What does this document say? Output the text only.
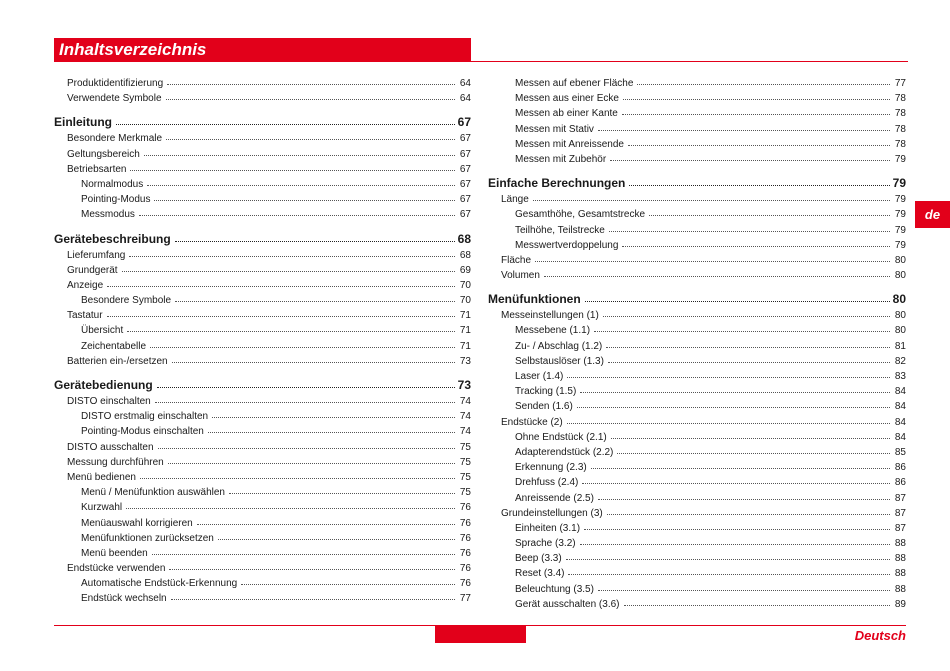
Inhaltsverzeichnis
Produktidentifizierung	64
Verwendete Symbole	64
Einleitung	67
Besondere Merkmale	67
Geltungsbereich	67
Betriebsarten	67
Normalmodus	67
Pointing-Modus	67
Messmodus	67
Gerätebeschreibung	68
Lieferumfang	68
Grundgerät	69
Anzeige	70
Besondere Symbole	70
Tastatur	71
Übersicht	71
Zeichentabelle	71
Batterien ein-/ersetzen	73
Gerätebedienung	73
DISTO einschalten	74
DISTO erstmalig einschalten	74
Pointing-Modus einschalten	74
DISTO ausschalten	75
Messung durchführen	75
Menü bedienen	75
Menü / Menüfunktion auswählen	75
Kurzwahl	76
Menüauswahl korrigieren	76
Menüfunktionen zurücksetzen	76
Menü beenden	76
Endstücke verwenden	76
Automatische Endstück-Erkennung	76
Endstück wechseln	77
Messen auf ebener Fläche	77
Messen aus einer Ecke	78
Messen ab einer Kante	78
Messen mit Stativ	78
Messen mit Anreissende	78
Messen mit Zubehör	79
Einfache Berechnungen	79
Länge	79
Gesamthöhe, Gesamtstrecke	79
Teilhöhe, Teilstrecke	79
Messwertverdoppelung	79
Fläche	80
Volumen	80
Menüfunktionen	80
Messeinstellungen (1)	80
Messebene (1.1)	80
Zu- / Abschlag (1.2)	81
Selbstauslöser (1.3)	82
Laser (1.4)	83
Tracking (1.5)	84
Senden (1.6)	84
Endstücke (2)	84
Ohne Endstück (2.1)	84
Adapterendstück (2.2)	85
Erkennung (2.3)	86
Drehfuss (2.4)	86
Anreissende (2.5)	87
Grundeinstellungen (3)	87
Einheiten (3.1)	87
Sprache (3.2)	88
Beep (3.3)	88
Reset (3.4)	88
Beleuchtung (3.5)	88
Gerät ausschalten (3.6)	89
de
Deutsch
